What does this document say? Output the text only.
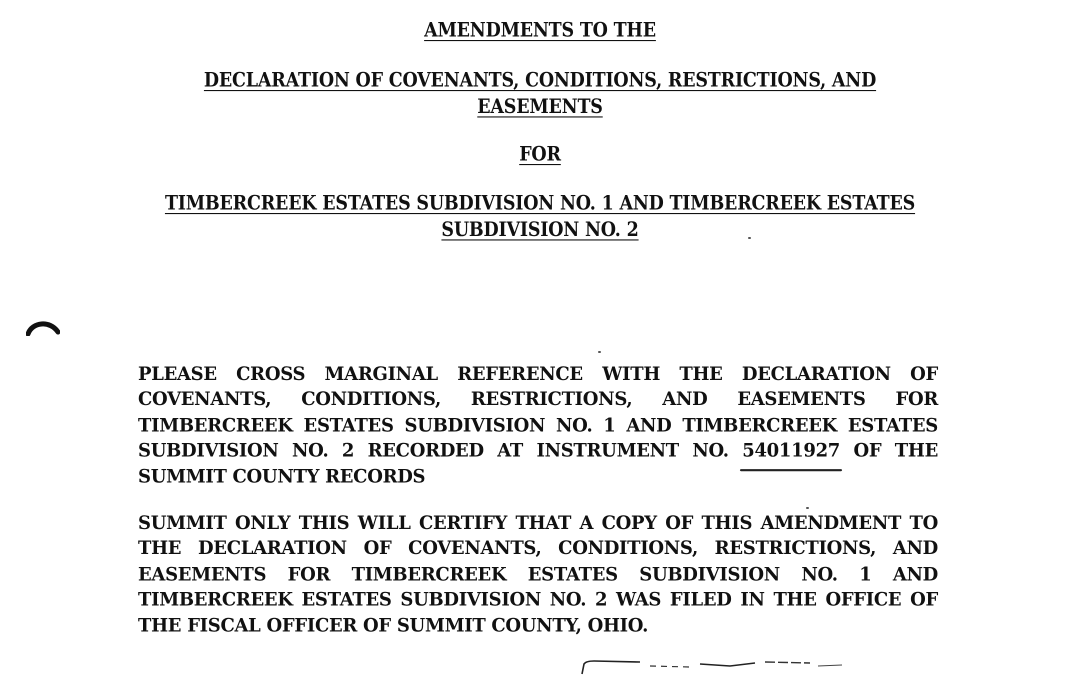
AMENDMENTS TO THE
DECLARATION OF COVENANTS, CONDITIONS, RESTRICTIONS, AND EASEMENTS
FOR
TIMBERCREEK ESTATES SUBDIVISION NO. 1 AND TIMBERCREEK ESTATES SUBDIVISION NO. 2
PLEASE CROSS MARGINAL REFERENCE WITH THE DECLARATION OF COVENANTS, CONDITIONS, RESTRICTIONS, AND EASEMENTS FOR TIMBERCREEK ESTATES SUBDIVISION NO. 1 AND TIMBERCREEK ESTATES SUBDIVISION NO. 2 RECORDED AT INSTRUMENT NO. 54011927 OF THE SUMMIT COUNTY RECORDS
SUMMIT ONLY THIS WILL CERTIFY THAT A COPY OF THIS AMENDMENT TO THE DECLARATION OF COVENANTS, CONDITIONS, RESTRICTIONS, AND EASEMENTS FOR TIMBERCREEK ESTATES SUBDIVISION NO. 1 AND TIMBERCREEK ESTATES SUBDIVISION NO. 2 WAS FILED IN THE OFFICE OF THE FISCAL OFFICER OF SUMMIT COUNTY, OHIO.
